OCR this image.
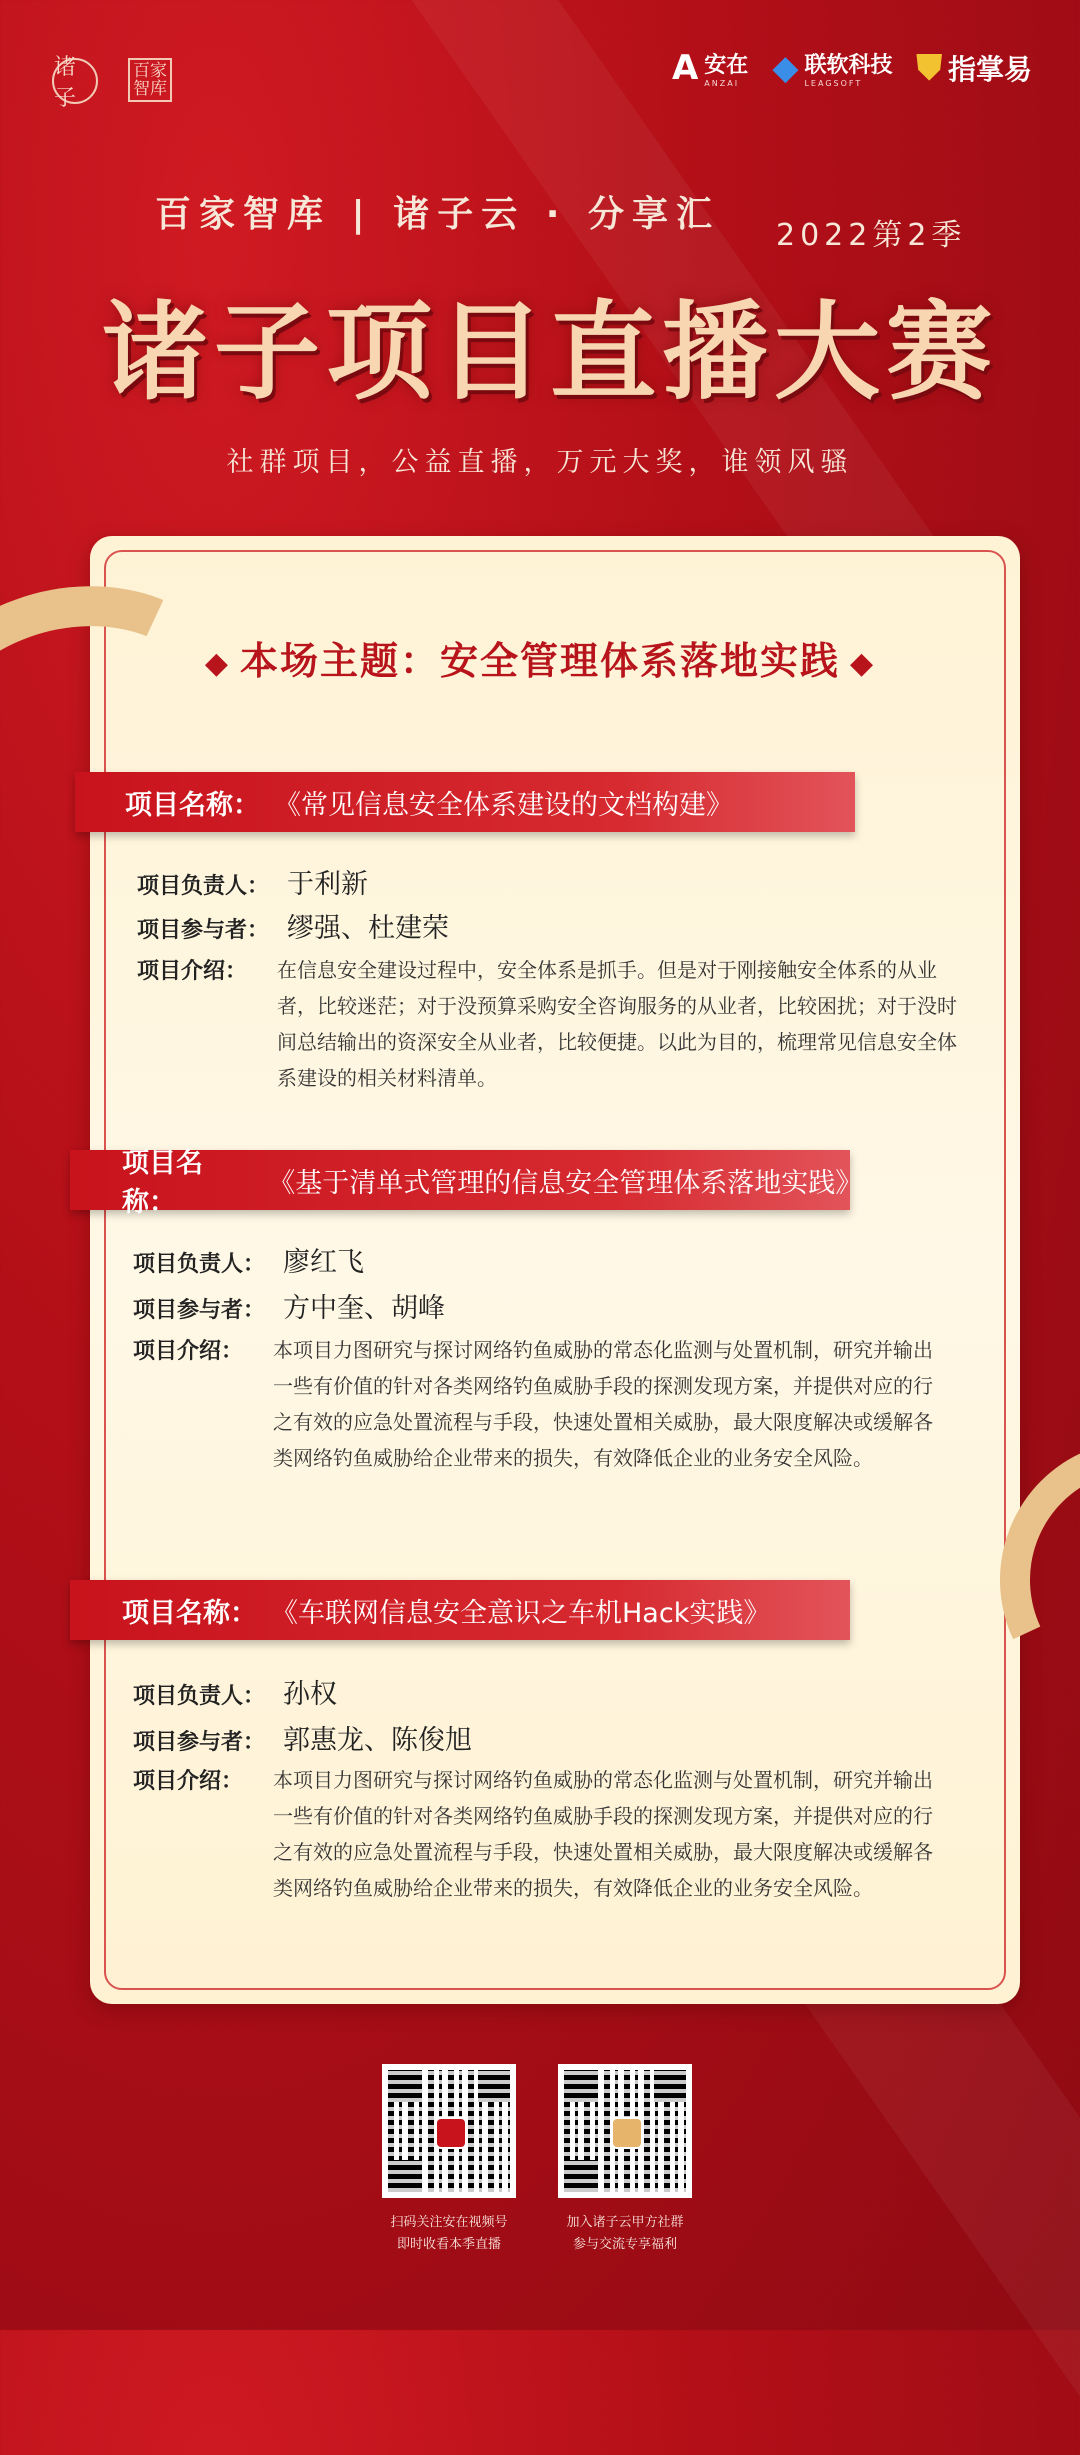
诸子
百家智库
A 安在
ANZAI ◆ 联软科技
LEAGSOFT	⛊ 指掌易
百家智库 | 诸子云 · 分享汇
2022第2季
诸子项目直播大赛
社群项目，公益直播，万元大奖，谁领风骚
◆ 本场主题：安全管理体系落地实践 ◆
项目名称： 《常见信息安全体系建设的文档构建》
项目负责人： 于利新
项目参与者： 缪强、杜建荣
项目介绍：	在信息安全建设过程中，安全体系是抓手。但是对于刚接触安全体系的从业者，比较迷茫；对于没预算采购安全咨询服务的从业者，比较困扰；对于没时间总结输出的资深安全从业者，比较便捷。以此为目的，梳理常见信息安全体系建设的相关材料清单。
项目名称：
《基于清单式管理的信息安全管理体系落地实践》
项目负责人： 廖红飞
项目参与者： 方中奎、胡峰
项目介绍：	本项目力图研究与探讨网络钓鱼威胁的常态化监测与处置机制，研究并输出一些有价值的针对各类网络钓鱼威胁手段的探测发现方案，并提供对应的行之有效的应急处置流程与手段，快速处置相关威胁，最大限度解决或缓解各类网络钓鱼威胁给企业带来的损失，有效降低企业的业务安全风险。
项目名称： 《车联网信息安全意识之车机Hack实践》
项目负责人： 孙权
项目参与者： 郭惠龙、陈俊旭
项目介绍：	本项目力图研究与探讨网络钓鱼威胁的常态化监测与处置机制，研究并输出一些有价值的针对各类网络钓鱼威胁手段的探测发现方案，并提供对应的行之有效的应急处置流程与手段，快速处置相关威胁，最大限度解决或缓解各类网络钓鱼威胁给企业带来的损失，有效降低企业的业务安全风险。
扫码关注安在视频号
即时收看本季直播
加入诸子云甲方社群
参与交流专享福利
